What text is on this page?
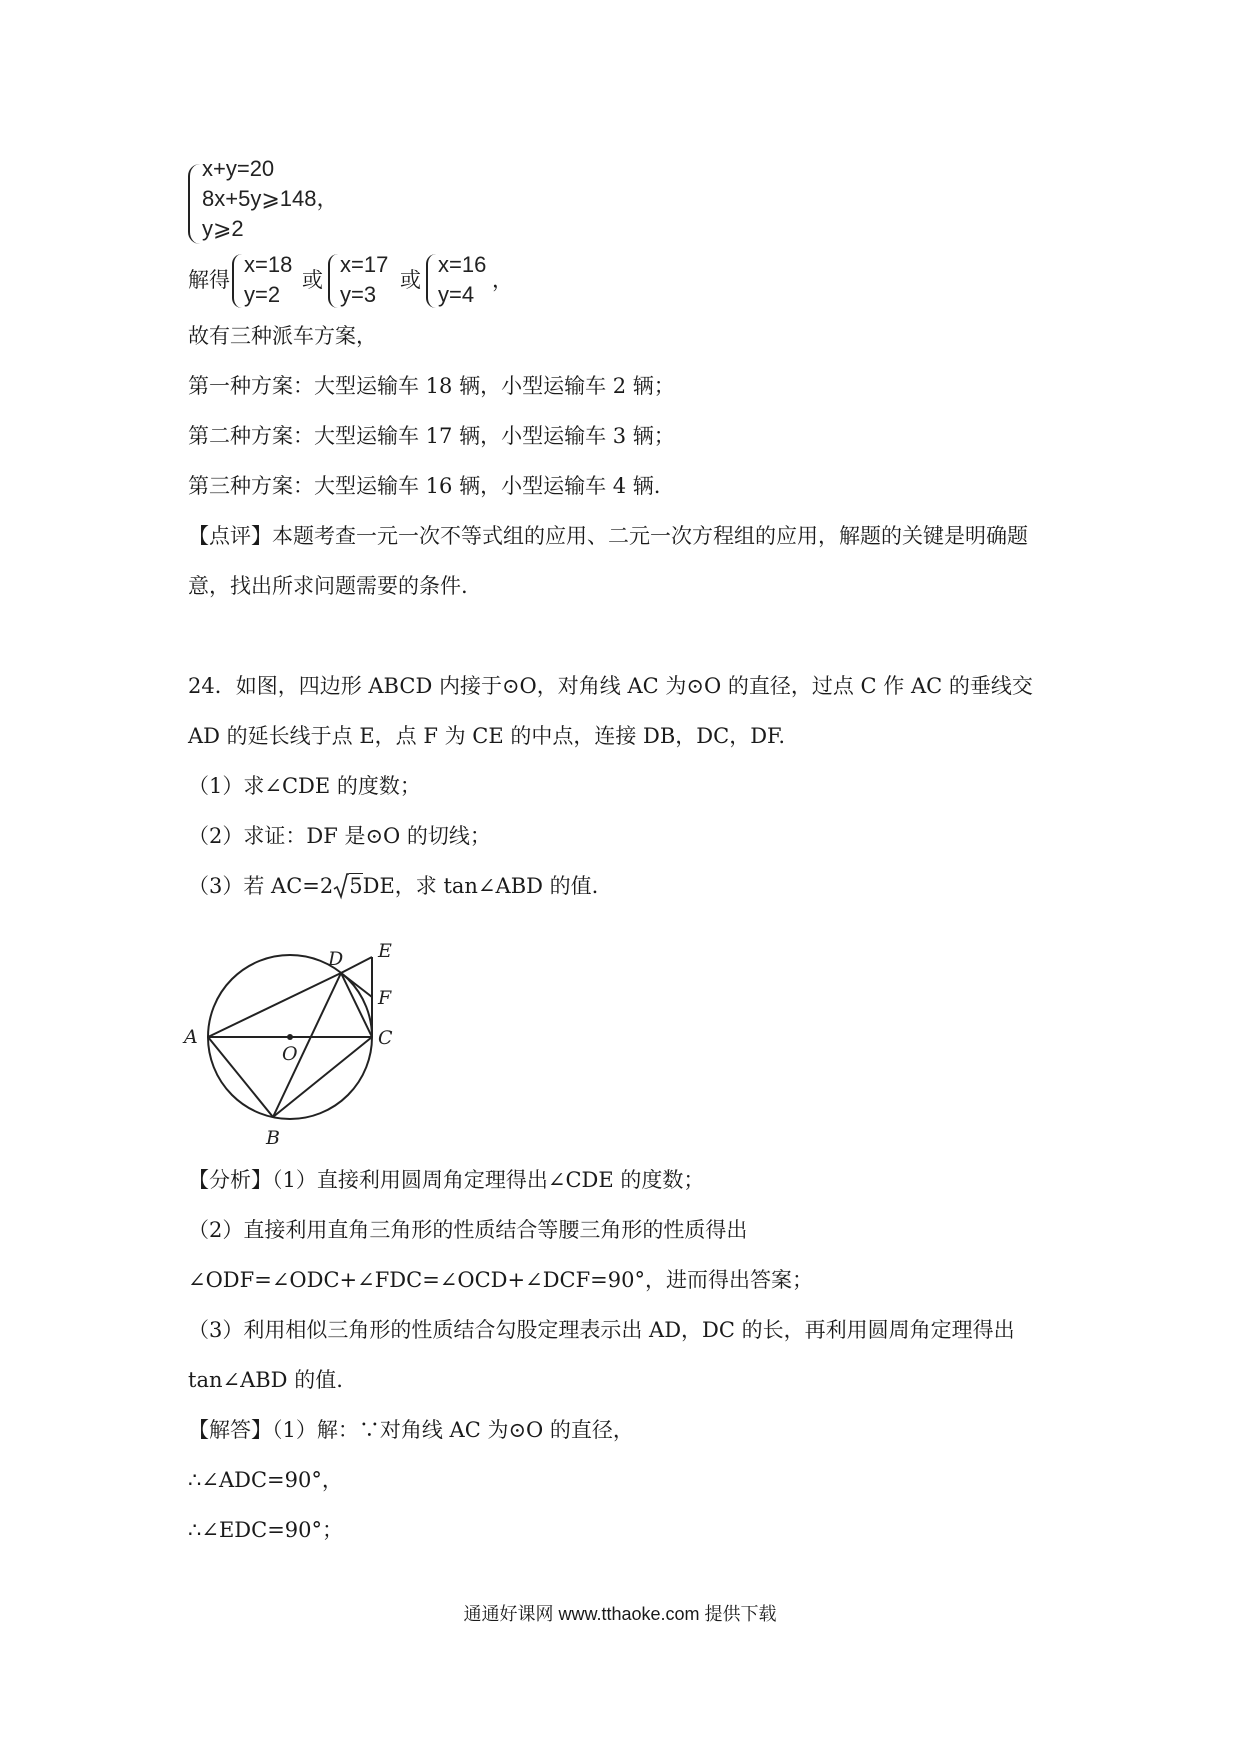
x+y=20
8x+5y⩾148，
y⩾2
解得
x=18
y=2
或
x=17
y=3
或
x=16
y=4
，
故有三种派车方案，
第一种方案：大型运输车 18 辆，小型运输车 2 辆；
第二种方案：大型运输车 17 辆，小型运输车 3 辆；
第三种方案：大型运输车 16 辆，小型运输车 4 辆.
【点评】本题考查一元一次不等式组的应用、二元一次方程组的应用，解题的关键是明确题
意，找出所求问题需要的条件.
24．如图，四边形 ABCD 内接于⊙O，对角线 AC 为⊙O 的直径，过点 C 作 AC 的垂线交
AD 的延长线于点 E，点 F 为 CE 的中点，连接 DB，DC，DF.
（1）求∠CDE 的度数；
（2）求证：DF 是⊙O 的切线；
（3）若 AC=2 5DE，求 tan∠ABD 的值.
A
B
C
D E
F
O
【分析】（1）直接利用圆周角定理得出∠CDE 的度数；
（2）直接利用直角三角形的性质结合等腰三角形的性质得出
∠ODF=∠ODC+∠FDC=∠OCD+∠DCF=90°，进而得出答案；
（3）利用相似三角形的性质结合勾股定理表示出 AD，DC 的长，再利用圆周角定理得出
tan∠ABD 的值.
【解答】（1）解：∵对角线 AC 为⊙O 的直径，
∴∠ADC=90°，
∴∠EDC=90°；
通通好课网 www.tthaoke.com 提供下载
